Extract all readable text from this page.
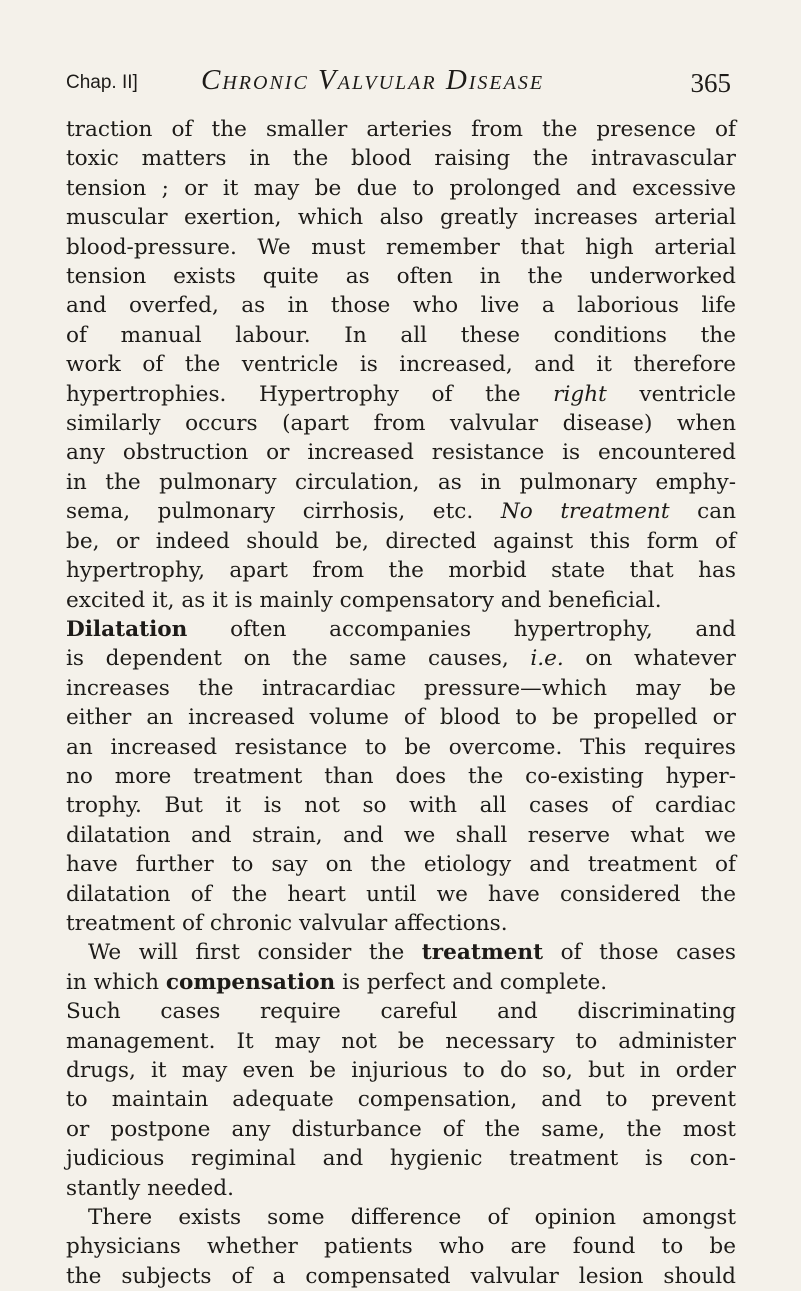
Chap. II] Chronic Valvular Disease	365
traction of the smaller arteries from the presence of
toxic matters in the blood raising the intravascular
tension ; or it may be due to prolonged and excessive
muscular exertion, which also greatly increases arterial
blood-pressure. We must remember that high arterial
tension exists quite as often in the underworked
and overfed, as in those who live a laborious life
of manual labour. In all these conditions the
work of the ventricle is increased, and it therefore
hypertrophies. Hypertrophy of the right ventricle
similarly occurs (apart from valvular disease) when
any obstruction or increased resistance is encountered
in the pulmonary circulation, as in pulmonary emphy-
sema, pulmonary cirrhosis, etc. No treatment can
be, or indeed should be, directed against this form of
hypertrophy, apart from the morbid state that has
excited it, as it is mainly compensatory and beneficial.
Dilatation often accompanies hypertrophy, and
is dependent on the same causes, i.e. on whatever
increases the intracardiac pressure—which may be
either an increased volume of blood to be propelled or
an increased resistance to be overcome. This requires
no more treatment than does the co-existing hyper-
trophy. But it is not so with all cases of cardiac
dilatation and strain, and we shall reserve what we
have further to say on the etiology and treatment of
dilatation of the heart until we have considered the
treatment of chronic valvular affections.
We will first consider the treatment of those cases
in which compensation is perfect and complete.
Such cases require careful and discriminating
management. It may not be necessary to administer
drugs, it may even be injurious to do so, but in order
to maintain adequate compensation, and to prevent
or postpone any disturbance of the same, the most
judicious regiminal and hygienic treatment is con-
stantly needed.
There exists some difference of opinion amongst
physicians whether patients who are found to be
the subjects of a compensated valvular lesion should
